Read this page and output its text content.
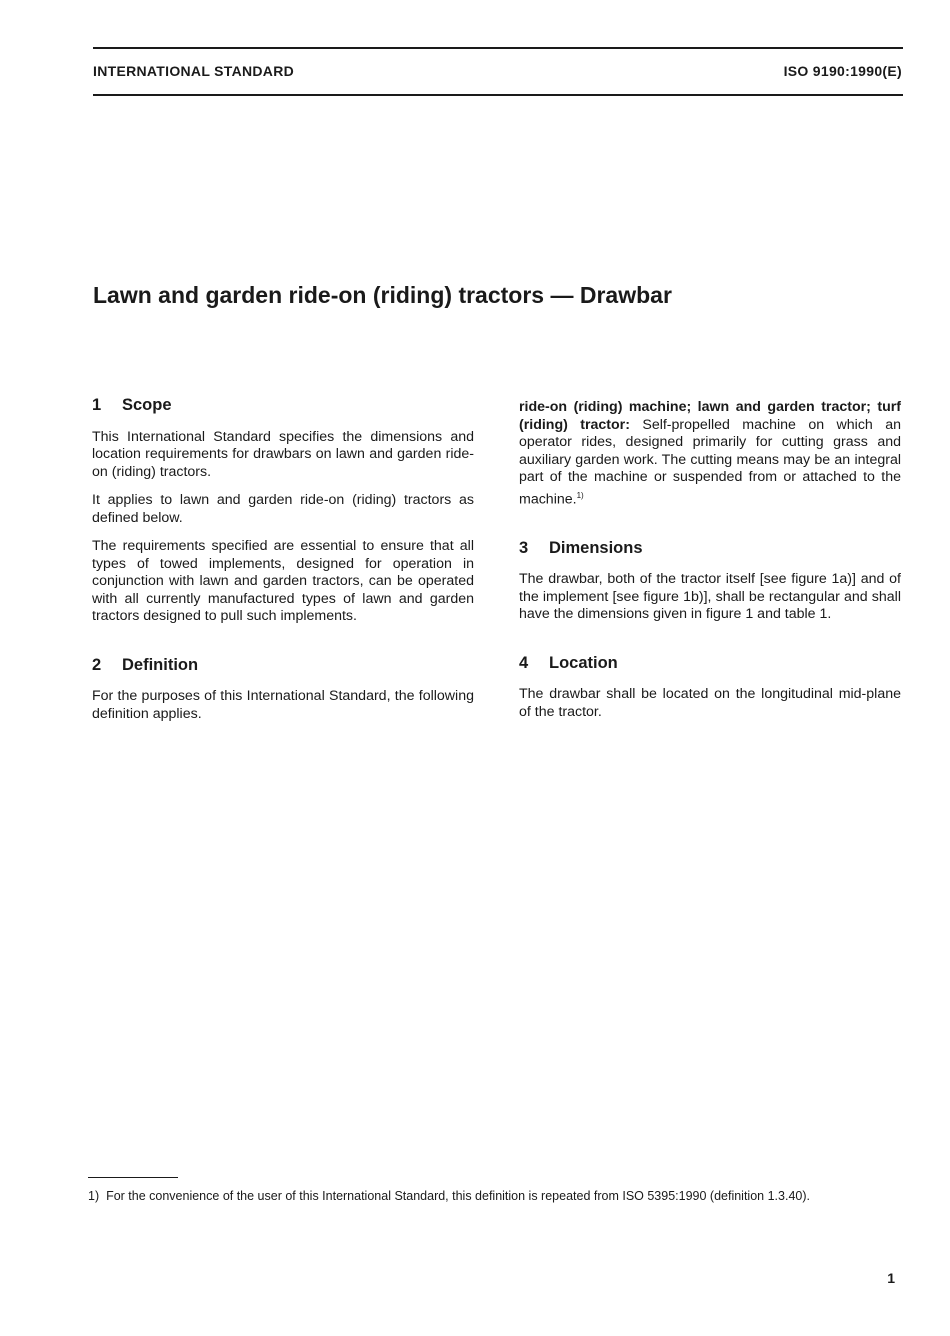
INTERNATIONAL STANDARD	ISO 9190:1990(E)
Lawn and garden ride-on (riding) tractors — Drawbar
1 Scope

This International Standard specifies the dimensions and location requirements for drawbars on lawn and garden ride-on (riding) tractors.

It applies to lawn and garden ride-on (riding) tractors as defined below.

The requirements specified are essential to ensure that all types of towed implements, designed for operation in conjunction with lawn and garden tractors, can be operated with all currently manufactured types of lawn and garden tractors designed to pull such implements.

2 Definition

For the purposes of this International Standard, the following definition applies.

ride-on (riding) machine; lawn and garden tractor; turf (riding) tractor: Self-propelled machine on which an operator rides, designed primarily for cutting grass and auxiliary garden work. The cutting means may be an integral part of the machine or suspended from or attached to the machine.$^{1)}$

3 Dimensions

The drawbar, both of the tractor itself [see figure 1a)] and of the implement [see figure 1b)], shall be rectangular and shall have the dimensions given in figure 1 and table 1.

4 Location

The drawbar shall be located on the longitudinal mid-plane of the tractor.

1) For the convenience of the user of this International Standard, this definition is repeated from ISO 5395:1990 (definition 1.3.40).
1
